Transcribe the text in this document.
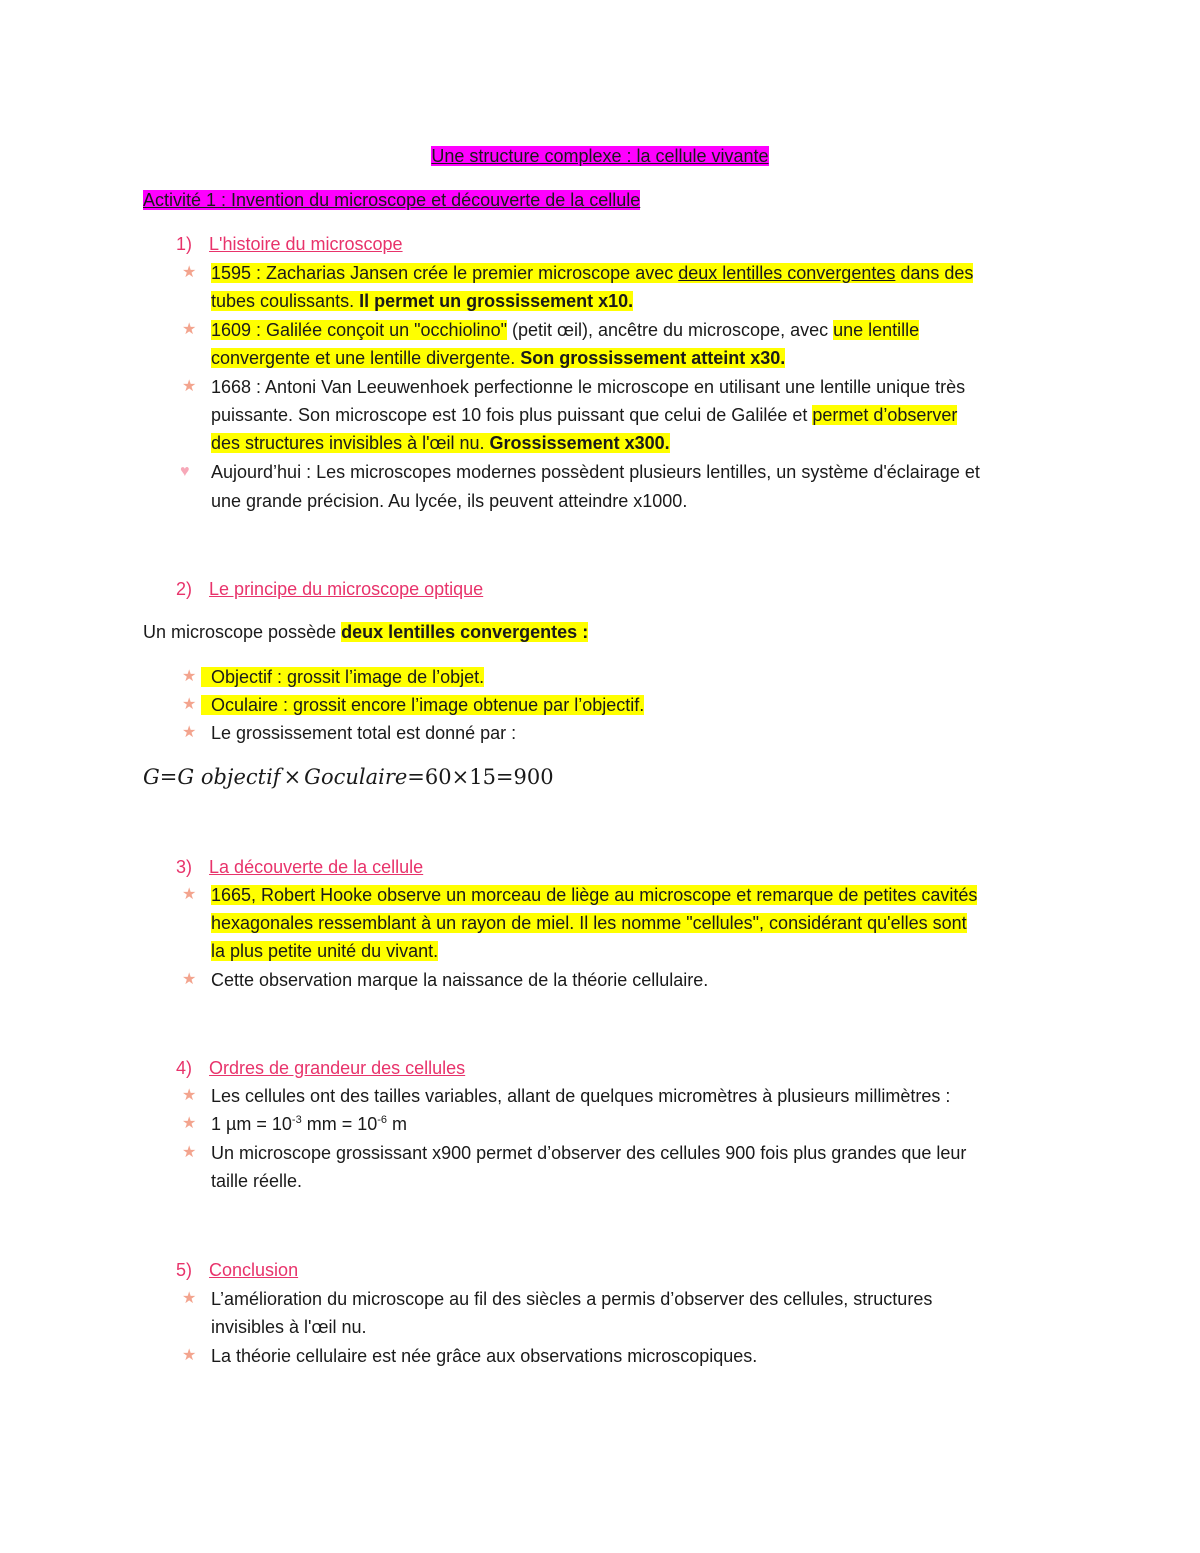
Une structure complexe : la cellule vivante
Activité 1 : Invention du microscope et découverte de la cellule
1) L'histoire du microscope
★ 1595 : Zacharias Jansen crée le premier microscope avec deux lentilles convergentes dans des
tubes coulissants. Il permet un grossissement x10.
★ 1609 : Galilée conçoit un "occhiolino" (petit œil), ancêtre du microscope, avec une lentille
convergente et une lentille divergente. Son grossissement atteint x30.
★ 1668 : Antoni Van Leeuwenhoek perfectionne le microscope en utilisant une lentille unique très
puissante. Son microscope est 10 fois plus puissant que celui de Galilée et permet d’observer
des structures invisibles à l'œil nu. Grossissement x300.
♥ Aujourd’hui : Les microscopes modernes possèdent plusieurs lentilles, un système d'éclairage et
une grande précision. Au lycée, ils peuvent atteindre x1000.
2) Le principe du microscope optique
Un microscope possède deux lentilles convergentes :
★ Objectif : grossit l’image de l’objet.
★ Oculaire : grossit encore l’image obtenue par l’objectif.
★ Le grossissement total est donné par :
G=G objectif × Goculaire=60×15=900
3) La découverte de la cellule
★ 1665, Robert Hooke observe un morceau de liège au microscope et remarque de petites cavités
hexagonales ressemblant à un rayon de miel. Il les nomme "cellules", considérant qu'elles sont
la plus petite unité du vivant.
★ Cette observation marque la naissance de la théorie cellulaire.
4) Ordres de grandeur des cellules
★ Les cellules ont des tailles variables, allant de quelques micromètres à plusieurs millimètres :
★ 1 $\mu m = 10^{-3}$ mm = $10^{-6}$ m
★ Un microscope grossissant x900 permet d’observer des cellules 900 fois plus grandes que leur
taille réelle.
5) Conclusion
★ L’amélioration du microscope au fil des siècles a permis d’observer des cellules, structures
invisibles à l'œil nu.
★ La théorie cellulaire est née grâce aux observations microscopiques.
